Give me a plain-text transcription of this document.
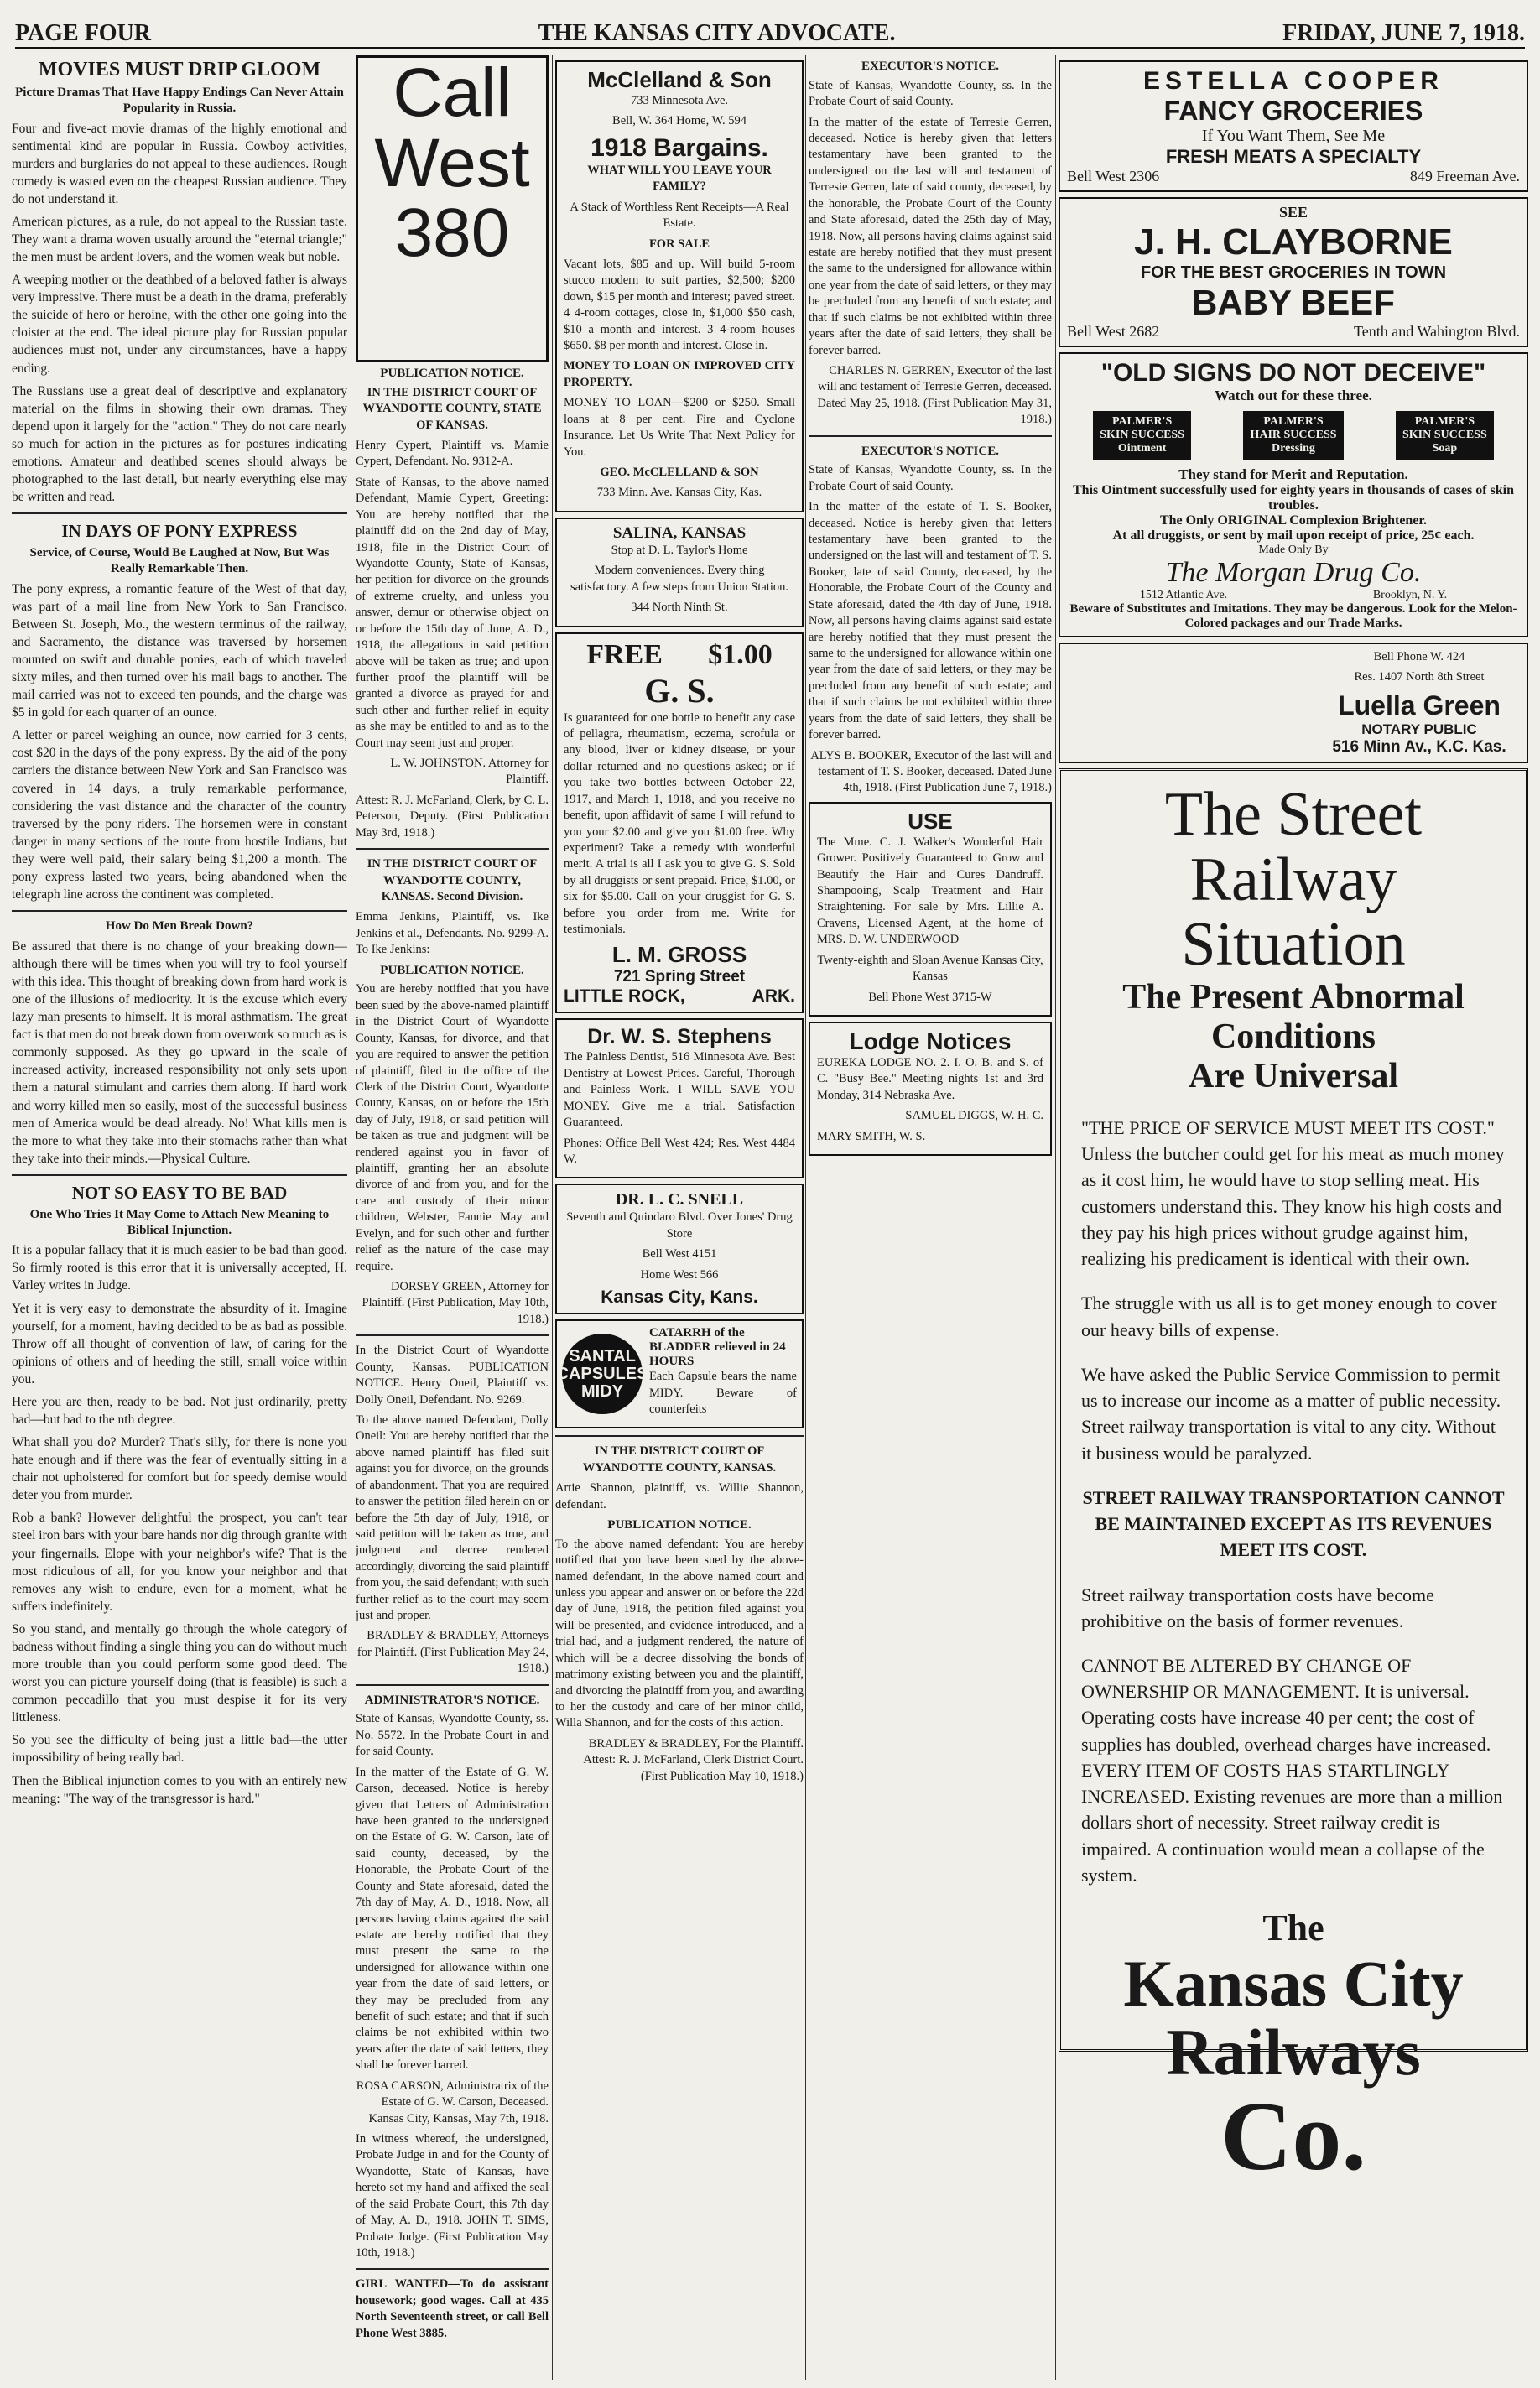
PAGE FOUR	THE KANSAS CITY ADVOCATE.	FRIDAY, JUNE 7, 1918.
MOVIES MUST DRIP GLOOM
Picture Dramas That Have Happy Endings Can Never Attain Popularity in Russia.

Four and five-act movie dramas of the highly emotional and sentimental kind are popular in Russia. Cowboy activities, murders and burglaries do not appeal to these audiences. Rough comedy is wasted even on the cheapest Russian audience. They do not understand it.

American pictures, as a rule, do not appeal to the Russian taste. They want a drama woven usually around the "eternal triangle;" the men must be ardent lovers, and the women weak but noble.

A weeping mother or the deathbed of a beloved father is always very impressive. There must be a death in the drama, preferably the suicide of hero or heroine, with the other one going into the cloister at the end. The ideal picture play for Russian popular audiences must not, under any circumstances, have a happy ending.

The Russians use a great deal of descriptive and explanatory material on the films in showing their own dramas. They depend upon it largely for the "action." They do not care nearly so much for action in the pictures as for postures indicating emotions. Amateur and deathbed scenes should always be photographed to the last detail, but nearly everything else may be written and read.

IN DAYS OF PONY EXPRESS
Service, of Course, Would Be Laughed at Now, But Was Really Remarkable Then.

The pony express, a romantic feature of the West of that day, was part of a mail line from New York to San Francisco. Between St. Joseph, Mo., the western terminus of the railway, and Sacramento, the distance was traversed by horsemen mounted on swift and durable ponies, each of which traveled sixty miles, and then turned over his mail bags to another. The mail carried was not to exceed ten pounds, and the charge was $5 in gold for each quarter of an ounce.

A letter or parcel weighing an ounce, now carried for 3 cents, cost $20 in the days of the pony express. By the aid of the pony carriers the distance between New York and San Francisco was covered in 14 days, a truly remarkable performance, considering the vast distance and the character of the country traversed by the pony riders. The horsemen were in constant danger in many sections of the route from hostile Indians, but they were well paid, their salary being $1,200 a month. The pony express lasted two years, being abandoned when the telegraph line across the continent was completed.

How Do Men Break Down?

Be assured that there is no change of your breaking down—although there will be times when you will try to fool yourself with this idea. This thought of breaking down from hard work is one of the illusions of mediocrity. It is the excuse which every lazy man presents to himself. It is moral asthmatism. The great fact is that men do not break down from overwork so much as is commonly supposed. As they go upward in the scale of increased activity, increased responsibility not only sets upon them a natural stimulant and carries them along. If hard work and worry killed men so easily, most of the successful business men of America would be dead already. No! What kills men is the more to what they take into their stomachs rather than what they take into their minds.—Physical Culture.

NOT SO EASY TO BE BAD
One Who Tries It May Come to Attach New Meaning to Biblical Injunction.

It is a popular fallacy that it is much easier to be bad than good. So firmly rooted is this error that it is universally accepted, H. Varley writes in Judge.

Yet it is very easy to demonstrate the absurdity of it. Imagine yourself, for a moment, having decided to be as bad as possible. Throw off all thought of convention of law, of caring for the opinions of others and of heeding the still, small voice within you.

Here you are then, ready to be bad. Not just ordinarily, pretty bad—but bad to the nth degree.

What shall you do? Murder? That's silly, for there is none you hate enough and if there was the fear of eventually sitting in a chair not upholstered for comfort but for speedy demise would deter you from murder.

Rob a bank? However delightful the prospect, you can't tear steel iron bars with your bare hands nor dig through granite with your fingernails. Elope with your neighbor's wife? That is the most ridiculous of all, for you know your neighbor and that removes any wish to endure, even for a moment, what he suffers indefinitely.

So you stand, and mentally go through the whole category of badness without finding a single thing you can do without much more trouble than you could perform some good deed. The worst you can picture yourself doing (that is feasible) is such a common peccadillo that you must despise it for its very littleness.

So you see the difficulty of being just a little bad—the utter impossibility of being really bad.

Then the Biblical injunction comes to you with an entirely new meaning: "The way of the transgressor is hard."

Call
West
380
PUBLICATION NOTICE.

IN THE DISTRICT COURT OF WYANDOTTE COUNTY, STATE OF KANSAS.

Henry Cypert, Plaintiff vs. Mamie Cypert, Defendant. No. 9312-A.

State of Kansas, to the above named Defendant, Mamie Cypert, Greeting: You are hereby notified that the plaintiff did on the 2nd day of May, 1918, file in the District Court of Wyandotte County, State of Kansas, her petition for divorce on the grounds of extreme cruelty, and unless you answer, demur or otherwise object on or before the 15th day of June, A. D., 1918, the allegations in said petition above will be taken as true; and upon further proof the plaintiff will be granted a divorce as prayed for and such other and further relief in equity as she may be entitled to and as to the Court may seem just and proper.

L. W. JOHNSTON. Attorney for Plaintiff.

Attest: R. J. McFarland, Clerk, by C. L. Peterson, Deputy. (First Publication May 3rd, 1918.)

IN THE DISTRICT COURT OF WYANDOTTE COUNTY, KANSAS. Second Division.

Emma Jenkins, Plaintiff, vs. Ike Jenkins et al., Defendants. No. 9299-A. To Ike Jenkins:

PUBLICATION NOTICE.

You are hereby notified that you have been sued by the above-named plaintiff in the District Court of Wyandotte County, Kansas, for divorce, and that you are required to answer the petition of plaintiff, filed in the office of the Clerk of the District Court, Wyandotte County, Kansas, on or before the 15th day of July, 1918, or said petition will be taken as true and judgment will be rendered against you in favor of plaintiff, granting her an absolute divorce of and from you, and for the care and custody of their minor children, Webster, Fannie May and Evelyn, and for such other and further relief as the nature of the case may require.

DORSEY GREEN, Attorney for Plaintiff. (First Publication, May 10th, 1918.)

In the District Court of Wyandotte County, Kansas. PUBLICATION NOTICE. Henry Oneil, Plaintiff vs. Dolly Oneil, Defendant. No. 9269.

To the above named Defendant, Dolly Oneil: You are hereby notified that the above named plaintiff has filed suit against you for divorce, on the grounds of abandonment. That you are required to answer the petition filed herein on or before the 5th day of July, 1918, or said petition will be taken as true, and judgment and decree rendered accordingly, divorcing the said plaintiff from you, the said defendant; with such further relief as to the court may seem just and proper.

BRADLEY & BRADLEY, Attorneys for Plaintiff. (First Publication May 24, 1918.)

ADMINISTRATOR'S NOTICE.

State of Kansas, Wyandotte County, ss. No. 5572. In the Probate Court in and for said County.

In the matter of the Estate of G. W. Carson, deceased. Notice is hereby given that Letters of Administration have been granted to the undersigned on the Estate of G. W. Carson, late of said county, deceased, by the Honorable, the Probate Court of the County and State aforesaid, dated the 7th day of May, A. D., 1918. Now, all persons having claims against the said estate are hereby notified that they must present the same to the undersigned for allowance within one year from the date of said letters, or they may be precluded from any benefit of such estate; and that if such claims be not exhibited within two years after the date of said letters, they shall be forever barred.

ROSA CARSON, Administratrix of the Estate of G. W. Carson, Deceased. Kansas City, Kansas, May 7th, 1918.

In witness whereof, the undersigned, Probate Judge in and for the County of Wyandotte, State of Kansas, have hereto set my hand and affixed the seal of the said Probate Court, this 7th day of May, A. D., 1918. JOHN T. SIMS, Probate Judge. (First Publication May 10th, 1918.)

GIRL WANTED—To do assistant housework; good wages. Call at 435 North Seventeenth street, or call Bell Phone West 3885.

McClelland & Son
733 Minnesota Ave.
Bell, W. 364 Home, W. 594
1918 Bargains.
WHAT WILL YOU LEAVE YOUR FAMILY?
A Stack of Worthless Rent Receipts—A Real Estate.
FOR SALE

Vacant lots, $85 and up. Will build 5-room stucco modern to suit parties, $2,500; $200 down, $15 per month and interest; paved street. 4 4-room cottages, close in, $1,000 $50 cash, $10 a month and interest. 3 4-room houses $650. $8 per month and interest. Close in.

MONEY TO LOAN ON IMPROVED CITY PROPERTY.

MONEY TO LOAN—$200 or $250. Small loans at 8 per cent. Fire and Cyclone Insurance. Let Us Write That Next Policy for You.

GEO. McCLELLAND & SON
733 Minn. Ave. Kansas City, Kas.
SALINA, KANSAS
Stop at D. L. Taylor's Home
Modern conveniences. Every thing satisfactory. A few steps from Union Station.
344 North Ninth St.
FREE $1.00
G. S.

Is guaranteed for one bottle to benefit any case of pellagra, rheumatism, eczema, scrofula or any blood, liver or kidney disease, or your dollar returned and no questions asked; or if you take two bottles between October 22, 1917, and March 1, 1918, and you receive no benefit, upon affidavit of same I will refund to you your $2.00 and give you $1.00 free. Why experiment? Take a remedy with wonderful merit. A trial is all I ask you to give G. S. Sold by all druggists or sent prepaid. Price, $1.00, or six for $5.00. Call on your druggist for G. S. before you order from me. Write for testimonials.

L. M. GROSS
721 Spring Street
LITTLE ROCK,	ARK.
Dr. W. S. Stephens

The Painless Dentist, 516 Minnesota Ave. Best Dentistry at Lowest Prices. Careful, Thorough and Painless Work. I WILL SAVE YOU MONEY. Give me a trial. Satisfaction Guaranteed.

Phones: Office Bell West 424; Res. West 4484 W.

DR. L. C. SNELL
Seventh and Quindaro Blvd. Over Jones' Drug Store
Bell West 4151
Home West 566
Kansas City, Kans.
SANTAL CAPSULES MIDY
CATARRH of the BLADDER relieved in 24 HOURS
Each Capsule bears the name MIDY. Beware of counterfeits

IN THE DISTRICT COURT OF WYANDOTTE COUNTY, KANSAS.

Artie Shannon, plaintiff, vs. Willie Shannon, defendant.

PUBLICATION NOTICE.

To the above named defendant: You are hereby notified that you have been sued by the above-named defendant, in the above named court and unless you appear and answer on or before the 22d day of June, 1918, the petition filed against you will be presented, and evidence introduced, and a trial had, and a judgment rendered, the nature of which will be a decree dissolving the bonds of matrimony existing between you and the plaintiff, and divorcing the plaintiff from you, and awarding to her the custody and care of her minor child, Willa Shannon, and for the costs of this action.

BRADLEY & BRADLEY, For the Plaintiff. Attest: R. J. McFarland, Clerk District Court. (First Publication May 10, 1918.)

EXECUTOR'S NOTICE.

State of Kansas, Wyandotte County, ss. In the Probate Court of said County.

In the matter of the estate of Terresie Gerren, deceased. Notice is hereby given that letters testamentary have been granted to the undersigned on the last will and testament of Terresie Gerren, late of said county, deceased, by the honorable, the Probate Court of the County and State aforesaid, dated the 25th day of May, 1918. Now, all persons having claims against said estate are hereby notified that they must present the same to the undersigned for allowance within one year from the date of said letters, or they may be precluded from any benefit of such estate; and that if such claims be not exhibited within three years after the date of said letters, they shall be forever barred.

CHARLES N. GERREN, Executor of the last will and testament of Terresie Gerren, deceased. Dated May 25, 1918. (First Publication May 31, 1918.)

EXECUTOR'S NOTICE.

State of Kansas, Wyandotte County, ss. In the Probate Court of said County.

In the matter of the estate of T. S. Booker, deceased. Notice is hereby given that letters testamentary have been granted to the undersigned on the last will and testament of T. S. Booker, late of said County, deceased, by the Honorable, the Probate Court of the County and State aforesaid, dated the 4th day of June, 1918. Now, all persons having claims against said estate are hereby notified that they must present the same to the undersigned for allowance within one year from the date of said letters, or they may be precluded from any benefit of such estate; and that if such claims be not exhibited within three years from the date of said letters, they shall be forever barred.

ALYS B. BOOKER, Executor of the last will and testament of T. S. Booker, deceased. Dated June 4th, 1918. (First Publication June 7, 1918.)

USE

The Mme. C. J. Walker's Wonderful Hair Grower. Positively Guaranteed to Grow and Beautify the Hair and Cures Dandruff. Shampooing, Scalp Treatment and Hair Straightening. For sale by Mrs. Lillie A. Cravens, Licensed Agent, at the home of MRS. D. W. UNDERWOOD

Twenty-eighth and Sloan Avenue Kansas City, Kansas
Bell Phone West 3715-W
Lodge Notices

EUREKA LODGE NO. 2. I. O. B. and S. of C. "Busy Bee." Meeting nights 1st and 3rd Monday, 314 Nebraska Ave.

SAMUEL DIGGS, W. H. C.
MARY SMITH, W. S.
ESTELLA COOPER
FANCY GROCERIES
If You Want Them, See Me
FRESH MEATS A SPECIALTY
Bell West 2306	849 Freeman Ave.
SEE
J. H. CLAYBORNE
FOR THE BEST GROCERIES IN TOWN
BABY BEEF
Bell West 2682	Tenth and Wahington Blvd.
"OLD SIGNS DO NOT DECEIVE"
Watch out for these three.
PALMER'S
SKIN SUCCESS
Ointment
PALMER'S
HAIR SUCCESS
Dressing
PALMER'S
SKIN SUCCESS
Soap
They stand for Merit and Reputation.
This Ointment successfully used for eighty years in thousands of cases of skin troubles.
The Only ORIGINAL Complexion Brightener.
At all druggists, or sent by mail upon receipt of price, 25¢ each.
Made Only By
The Morgan Drug Co.
1512 Atlantic Ave.	Brooklyn, N. Y.
Beware of Substitutes and Imitations. They may be dangerous. Look for the Melon-Colored packages and our Trade Marks.
Bell Phone W. 424
Res. 1407 North 8th Street
Luella Green
NOTARY PUBLIC
516 Minn Av., K.C. Kas.
The Street Railway Situation
The Present Abnormal Conditions
Are Universal

"THE PRICE OF SERVICE MUST MEET ITS COST." Unless the butcher could get for his meat as much money as it cost him, he would have to stop selling meat. His customers understand this. They know his high costs and they pay his high prices without grudge against him, realizing his predicament is identical with their own.

The struggle with us all is to get money enough to cover our heavy bills of expense.

We have asked the Public Service Commission to permit us to increase our income as a matter of public necessity. Street railway transportation is vital to any city. Without it business would be paralyzed.

STREET RAILWAY TRANSPORTATION CANNOT BE MAINTAINED EXCEPT AS ITS REVENUES MEET ITS COST.

Street railway transportation costs have become prohibitive on the basis of former revenues.

CANNOT BE ALTERED BY CHANGE OF OWNERSHIP OR MANAGEMENT. It is universal. Operating costs have increase 40 per cent; the cost of supplies has doubled, overhead charges have increased. EVERY ITEM OF COSTS HAS STARTLINGLY INCREASED. Existing revenues are more than a million dollars short of necessity. Street railway credit is impaired. A continuation would mean a collapse of the system.

The
Kansas City Railways
Co.
